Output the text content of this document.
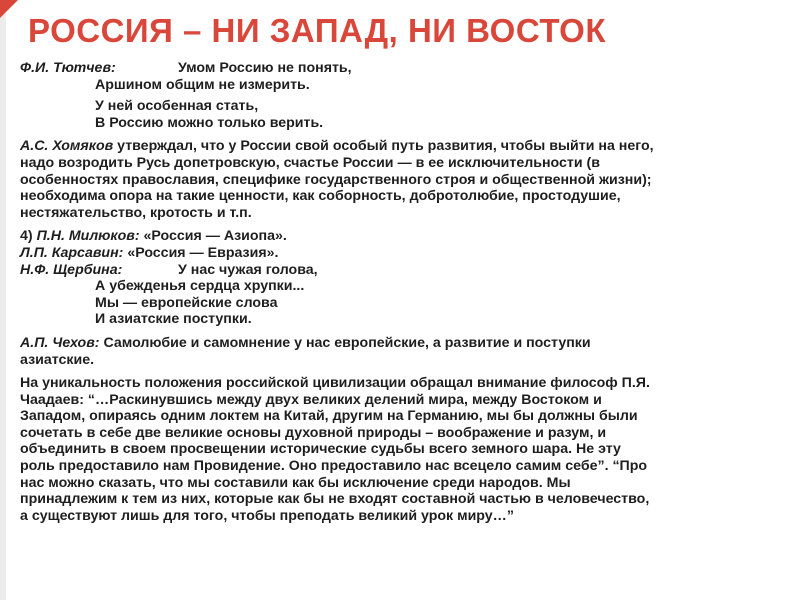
РОССИЯ – НИ ЗАПАД, НИ ВОСТОК
Ф.И. Тютчев:	Умом Россию не понять,
Аршином общим не измерить.
У ней особенная стать,
В Россию можно только верить.
А.С. Хомяков утверждал, что у России свой особый путь развития, чтобы выйти на него,
надо возродить Русь допетровскую, счастье России — в ее исключительности (в
особенностях православия, специфике государственного строя и общественной жизни);
необходима опора на такие ценности, как соборность, доброто​любие, простодушие,
нестяжательство, кротость и т.п.
4) П.Н. Милюков: «Россия — Азиопа».
Л.П. Карсавин: «Россия — Евразия».
Н.Ф. Щербина:	У нас чужая голова,
А убежденья сердца хрупки...
Мы — европейские слова
И азиатские поступки.
А.П. Чехов: Самолюбие и самомнение у нас европейские, а развитие и поступки
азиатские.
На уникальность положения российской цивилизации обращал внимание философ П.Я.
Чаадаев: “…Раскинувшись между двух великих делений мира, между Востоком и
Западом, опираясь одним локтем на Китай, другим на Германию, мы бы должны были
сочетать в себе две великие основы духовной природы – воображение и разум, и
объединить в своем просвещении исторические судьбы всего земного шара. Не эту
роль предоставило нам Провидение. Оно предоставило нас всецело самим себе”. “Про
нас можно сказать, что мы составили как бы исключение среди народов. Мы
принадлежим к тем из них, которые как бы не входят составной частью в человечество,
а существуют лишь для того, чтобы преподать великий урок миру…”
